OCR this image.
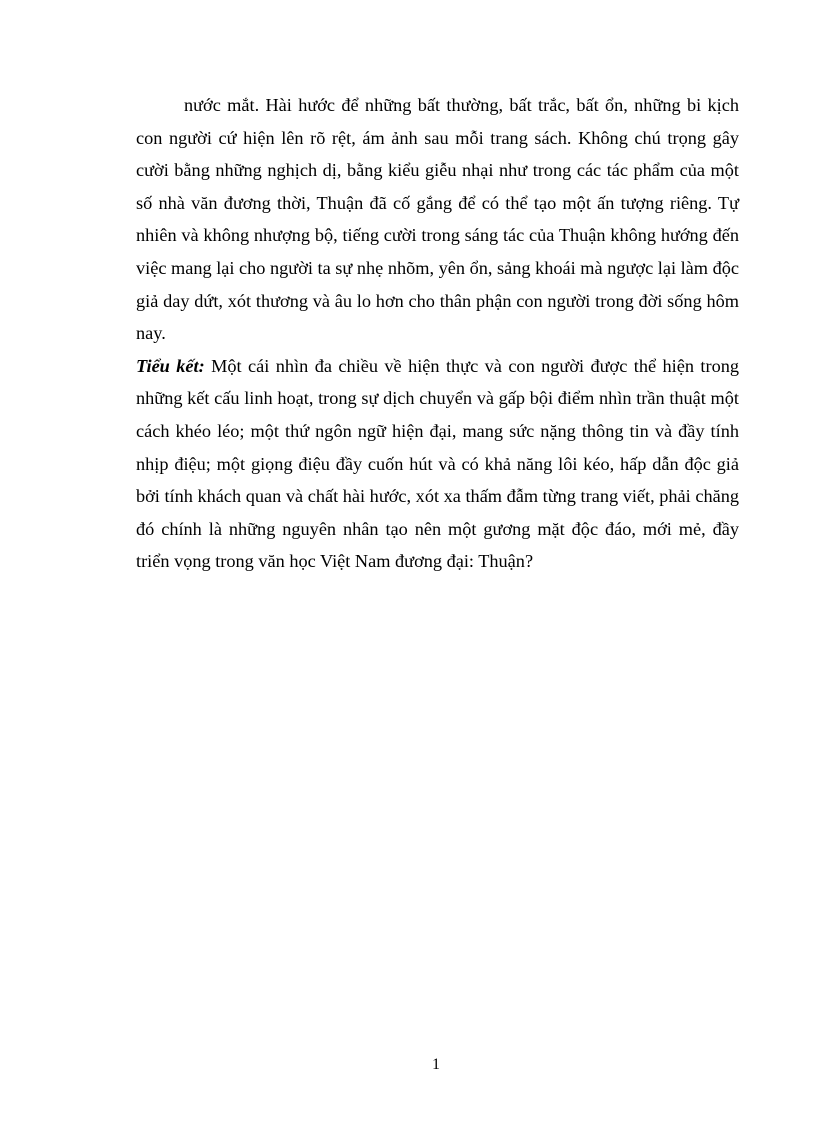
nước mắt. Hài hước để những bất thường, bất trắc, bất ổn, những bi kịch con người cứ hiện lên rõ rệt, ám ảnh sau mỗi trang sách. Không chú trọng gây cười bằng những nghịch dị, bằng kiểu giễu nhại như trong các tác phẩm của một số nhà văn đương thời, Thuận đã cố gắng để có thể tạo một ấn tượng riêng. Tự nhiên và không nhượng bộ, tiếng cười trong sáng tác của Thuận không hướng đến việc mang lại cho người ta sự nhẹ nhõm, yên ổn, sảng khoái mà ngược lại làm độc giả day dứt, xót thương và âu lo hơn cho thân phận con người trong đời sống hôm nay.

Tiểu kết: Một cái nhìn đa chiều về hiện thực và con người được thể hiện trong những kết cấu linh hoạt, trong sự dịch chuyển và gấp bội điểm nhìn trần thuật một cách khéo léo; một thứ ngôn ngữ hiện đại, mang sức nặng thông tin và đầy tính nhịp điệu; một giọng điệu đầy cuốn hút và có khả năng lôi kéo, hấp dẫn độc giả bởi tính khách quan và chất hài hước, xót xa thấm đẫm từng trang viết, phải chăng đó chính là những nguyên nhân tạo nên một gương mặt độc đáo, mới mẻ, đầy triển vọng trong văn học Việt Nam đương đại: Thuận?

1
